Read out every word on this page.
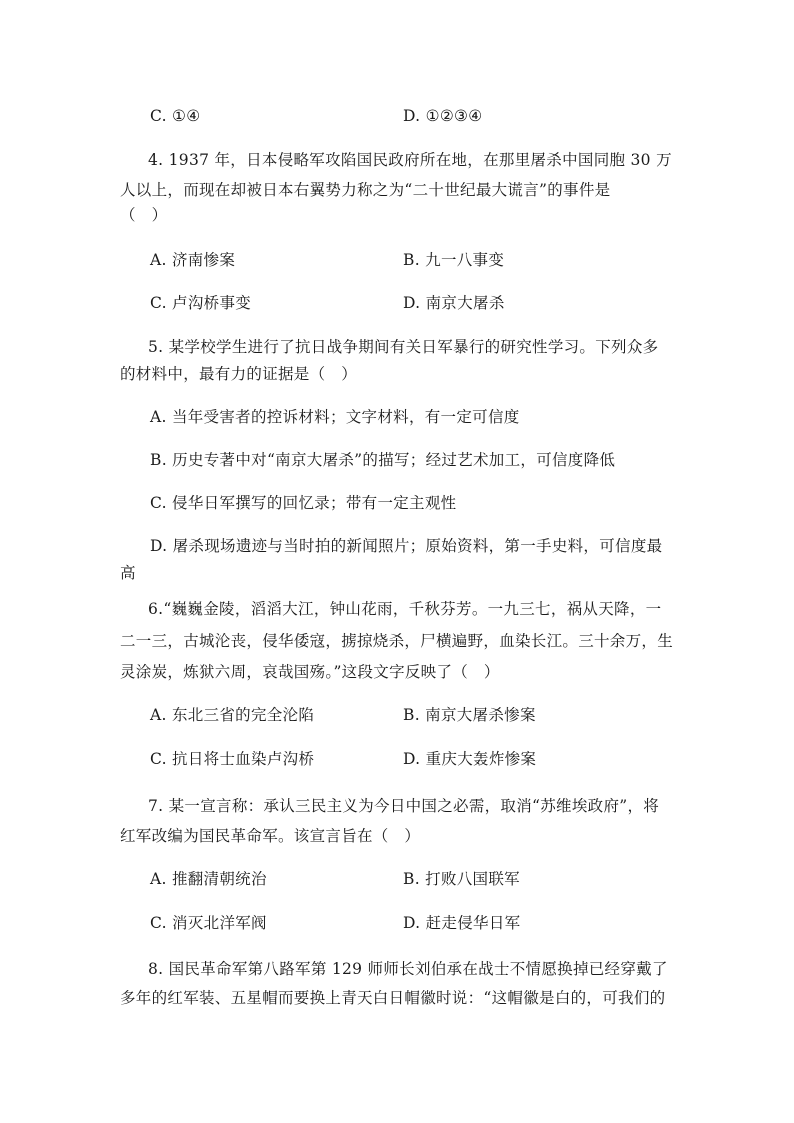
C. ①④	D. ①②③④
4. 1937 年，日本侵略军攻陷国民政府所在地，在那里屠杀中国同胞 30 万
人以上，而现在却被日本右翼势力称之为“二十世纪最大谎言”的事件是
（　）
A. 济南惨案	B. 九一八事变
C. 卢沟桥事变	D. 南京大屠杀
5. 某学校学生进行了抗日战争期间有关日军暴行的研究性学习。下列众多
的材料中，最有力的证据是（　）
A. 当年受害者的控诉材料；文字材料，有一定可信度
B. 历史专著中对“南京大屠杀”的描写；经过艺术加工，可信度降低
C. 侵华日军撰写的回忆录；带有一定主观性
D. 屠杀现场遗迹与当时拍的新闻照片；原始资料，第一手史料，可信度最
高
6.“巍巍金陵，滔滔大江，钟山花雨，千秋芬芳。一九三七，祸从天降，一
二一三，古城沦丧，侵华倭寇，掳掠烧杀，尸横遍野，血染长江。三十余万，生
灵涂炭，炼狱六周，哀哉国殇。”这段文字反映了（　）
A. 东北三省的完全沦陷	B. 南京大屠杀惨案
C. 抗日将士血染卢沟桥	D. 重庆大轰炸惨案
7. 某一宣言称：承认三民主义为今日中国之必需，取消“苏维埃政府”，将
红军改编为国民革命军。该宣言旨在（　）
A. 推翻清朝统治	B. 打败八国联军
C. 消灭北洋军阀	D. 赶走侵华日军
8. 国民革命军第八路军第 129 师师长刘伯承在战士不情愿换掉已经穿戴了
多年的红军装、五星帽而要换上青天白日帽徽时说：“这帽徽是白的，可我们的
